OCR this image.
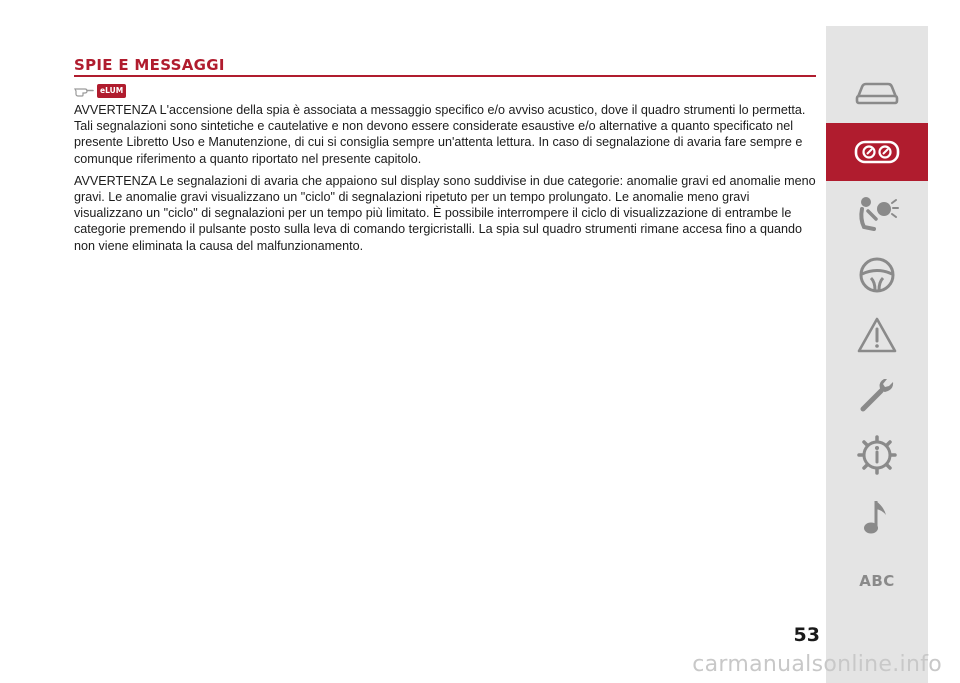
SPIE E MESSAGGI
eLUM

AVVERTENZA L'accensione della spia è associata a messaggio specifico e/o avviso acustico, dove il quadro strumenti lo permetta. Tali segnalazioni sono sintetiche e cautelative e non devono essere considerate esaustive e/o alternative a quanto specificato nel presente Libretto Uso e Manutenzione, di cui si consiglia sempre un'attenta lettura. In caso di segnalazione di avaria fare sempre e comunque riferimento a quanto riportato nel presente capitolo.

AVVERTENZA Le segnalazioni di avaria che appaiono sul display sono suddivise in due categorie: anomalie gravi ed anomalie meno gravi. Le anomalie gravi visualizzano un "ciclo" di segnalazioni ripetuto per un tempo prolungato. Le anomalie meno gravi visualizzano un "ciclo" di segnalazioni per un tempo più limitato. È possibile interrompere il ciclo di visualizzazione di entrambe le categorie premendo il pulsante posto sulla leva di comando tergicristalli. La spia sul quadro strumenti rimane accesa fino a quando non viene eliminata la causa del malfunzionamento.

53
ABC
carmanualsonline.info
